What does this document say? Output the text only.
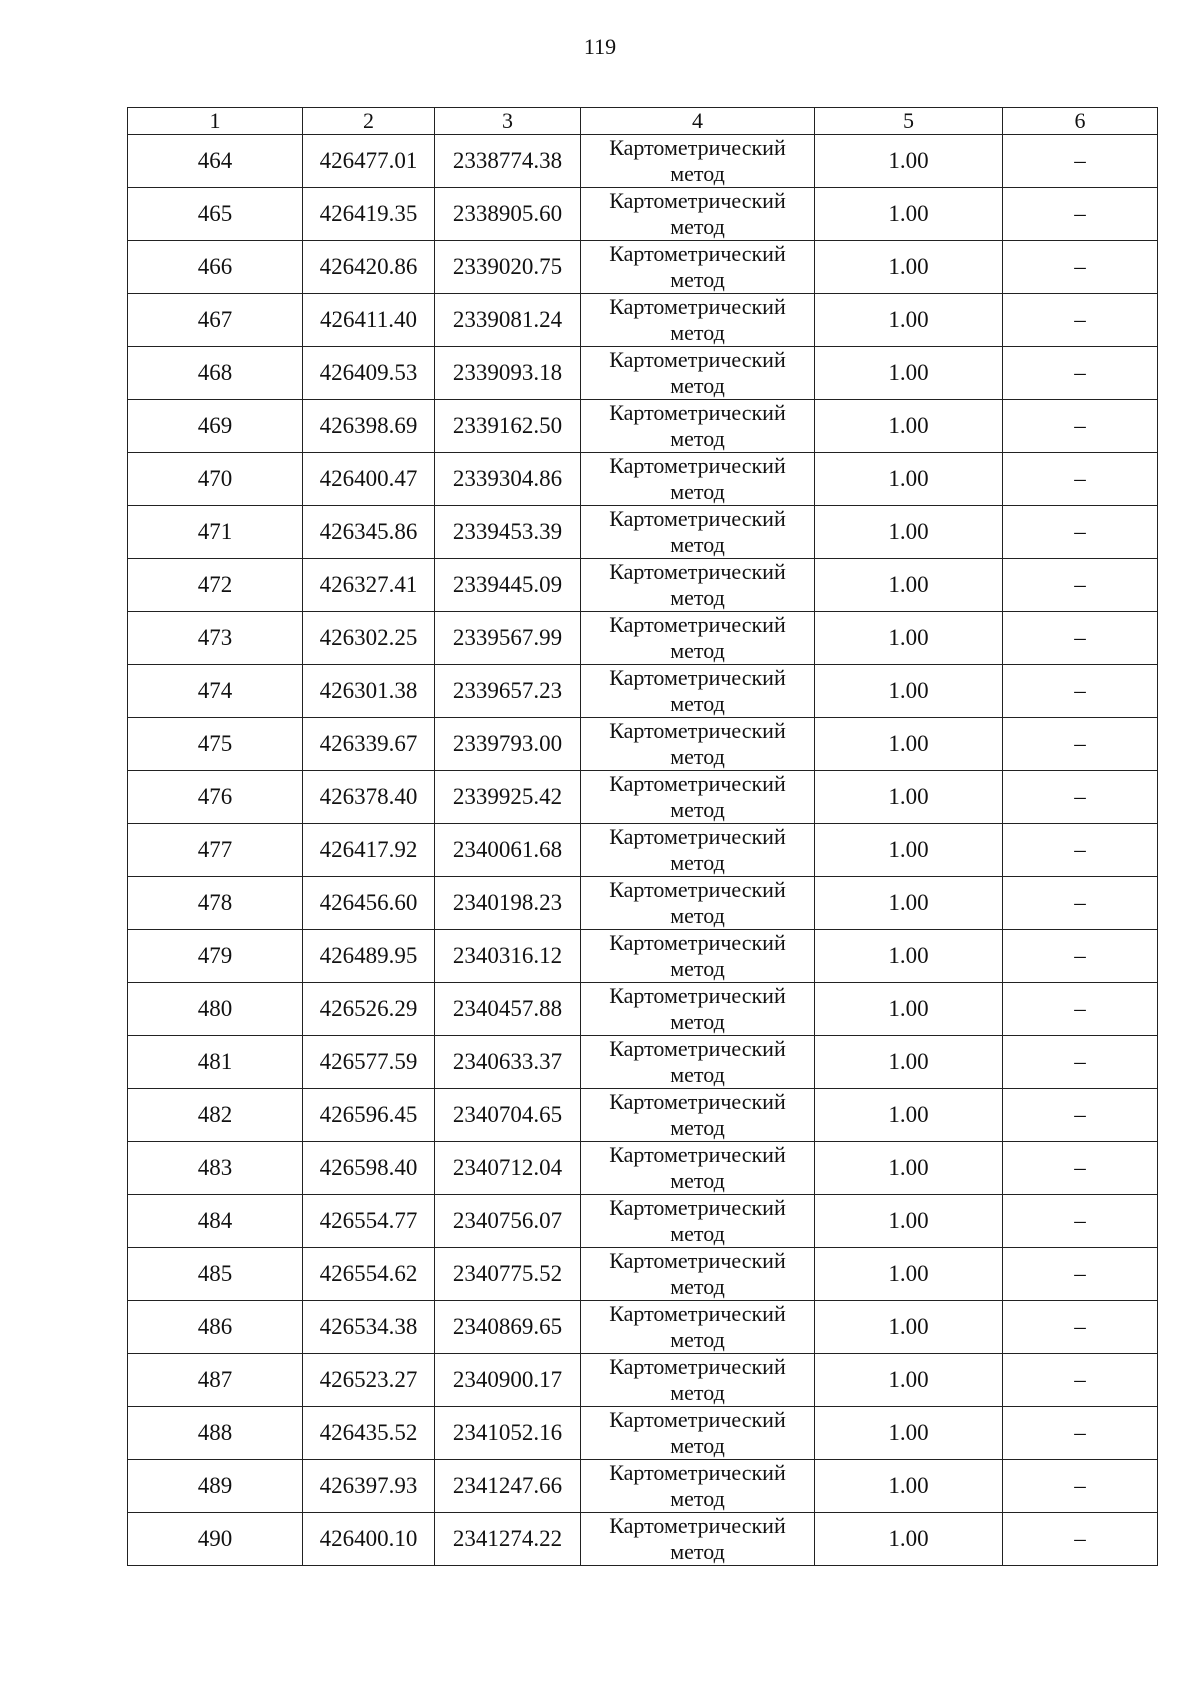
119
1	2	3	4	5	6
464	426477.01	2338774.38	Картометрический метод	1.00	–
465	426419.35	2338905.60	Картометрический метод	1.00	–
466	426420.86	2339020.75	Картометрический метод	1.00	–
467	426411.40	2339081.24	Картометрический метод	1.00	–
468	426409.53	2339093.18	Картометрический метод	1.00	–
469	426398.69	2339162.50	Картометрический метод	1.00	–
470	426400.47	2339304.86	Картометрический метод	1.00	–
471	426345.86	2339453.39	Картометрический метод	1.00	–
472	426327.41	2339445.09	Картометрический метод	1.00	–
473	426302.25	2339567.99	Картометрический метод	1.00	–
474	426301.38	2339657.23	Картометрический метод	1.00	–
475	426339.67	2339793.00	Картометрический метод	1.00	–
476	426378.40	2339925.42	Картометрический метод	1.00	–
477	426417.92	2340061.68	Картометрический метод	1.00	–
478	426456.60	2340198.23	Картометрический метод	1.00	–
479	426489.95	2340316.12	Картометрический метод	1.00	–
480	426526.29	2340457.88	Картометрический метод	1.00	–
481	426577.59	2340633.37	Картометрический метод	1.00	–
482	426596.45	2340704.65	Картометрический метод	1.00	–
483	426598.40	2340712.04	Картометрический метод	1.00	–
484	426554.77	2340756.07	Картометрический метод	1.00	–
485	426554.62	2340775.52	Картометрический метод	1.00	–
486	426534.38	2340869.65	Картометрический метод	1.00	–
487	426523.27	2340900.17	Картометрический метод	1.00	–
488	426435.52	2341052.16	Картометрический метод	1.00	–
489	426397.93	2341247.66	Картометрический метод	1.00	–
490	426400.10	2341274.22	Картометрический метод	1.00	–
